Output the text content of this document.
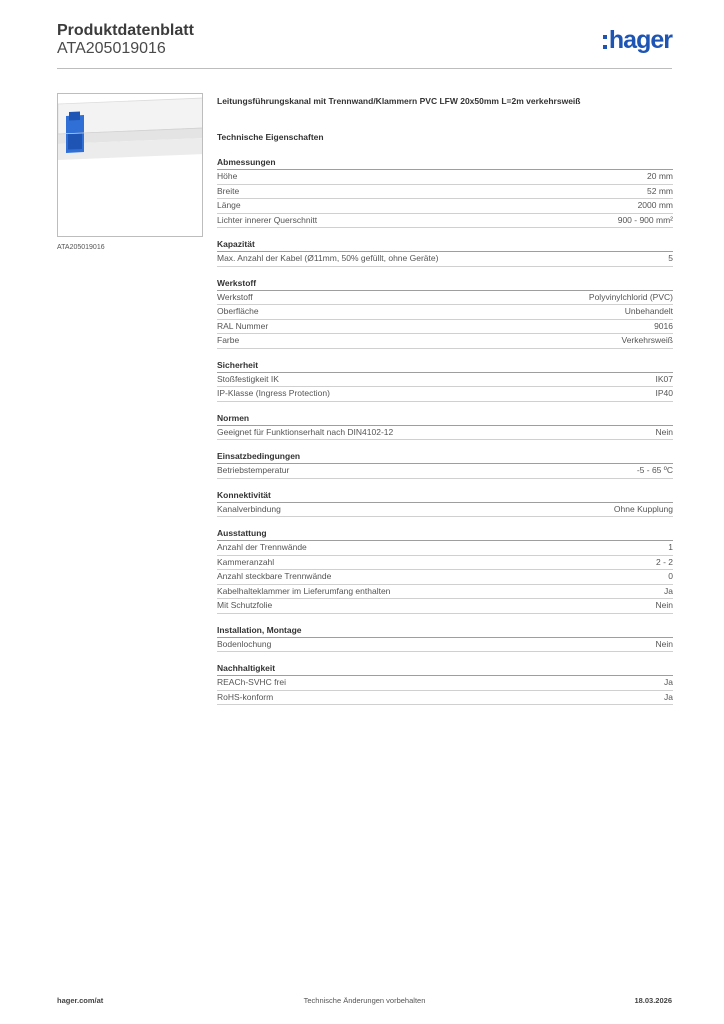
Produktdatenblatt
ATA205019016	hager
ATA205019016
Leitungsführungskanal mit Trennwand/Klammern PVC LFW 20x50mm L=2m verkehrsweiß
Technische Eigenschaften
Abmessungen
Höhe	20 mm
Breite	52 mm
Länge	2000 mm
Lichter innerer Querschnitt	900 - 900 mm²
Kapazität
Max. Anzahl der Kabel (Ø11mm, 50% gefüllt, ohne Geräte)	5
Werkstoff
Werkstoff	Polyvinylchlorid (PVC)
Oberfläche	Unbehandelt
RAL Nummer	9016
Farbe	Verkehrsweiß
Sicherheit
Stoßfestigkeit IK	IK07
IP-Klasse (Ingress Protection)	IP40
Normen
Geeignet für Funktionserhalt nach DIN4102-12	Nein
Einsatzbedingungen
Betriebstemperatur	-5 - 65 ºC
Konnektivität
Kanalverbindung	Ohne Kupplung
Ausstattung
Anzahl der Trennwände	1
Kammeranzahl	2 - 2
Anzahl steckbare Trennwände	0
Kabelhalteklammer im Lieferumfang enthalten	Ja
Mit Schutzfolie	Nein
Installation, Montage
Bodenlochung	Nein
Nachhaltigkeit
REACh-SVHC frei	Ja
RoHS-konform	Ja
hager.com/at	Technische Änderungen vorbehalten	18.03.2026
